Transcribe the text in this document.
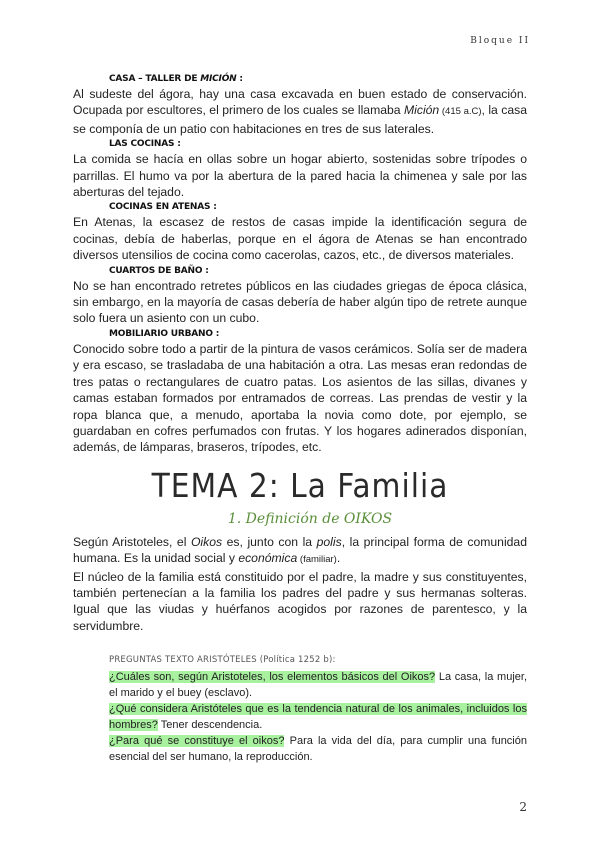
Bloque II
CASA – TALLER DE MICIÓN :

Al sudeste del ágora, hay una casa excavada en buen estado de conservación. Ocupada por escultores, el primero de los cuales se llamaba Mición (415 a.C), la casa se componía de un patio con habitaciones en tres de sus laterales.

LAS COCINAS :

La comida se hacía en ollas sobre un hogar abierto, sostenidas sobre trípodes o parrillas. El humo va por la abertura de la pared hacia la chimenea y sale por las aberturas del tejado.

COCINAS EN ATENAS :

En Atenas, la escasez de restos de casas impide la identificación segura de cocinas, debía de haberlas, porque en el ágora de Atenas se han encontrado diversos utensilios de cocina como cacerolas, cazos, etc., de diversos materiales.

CUARTOS DE BAÑO :

No se han encontrado retretes públicos en las ciudades griegas de época clásica, sin embargo, en la mayoría de casas debería de haber algún tipo de retrete aunque solo fuera un asiento con un cubo.

MOBILIARIO URBANO :

Conocido sobre todo a partir de la pintura de vasos cerámicos. Solía ser de madera y era escaso, se trasladaba de una habitación a otra. Las mesas eran redondas de tres patas o rectangulares de cuatro patas. Los asientos de las sillas, divanes y camas estaban formados por entramados de correas. Las prendas de vestir y la ropa blanca que, a menudo, aportaba la novia como dote, por ejemplo, se guardaban en cofres perfumados con frutas. Y los hogares adinerados disponían, además, de lámparas, braseros, trípodes, etc.

TEMA 2: La Familia
1. Definición de OIKOS

Según Aristoteles, el Oikos es, junto con la polis, la principal forma de comunidad humana. Es la unidad social y económica (familiar).

El núcleo de la familia está constituido por el padre, la madre y sus constituyentes, también pertenecían a la familia los padres del padre y sus hermanas solteras. Igual que las viudas y huérfanos acogidos por razones de parentesco, y la servidumbre.

PREGUNTAS TEXTO ARISTÓTELES (Política 1252 b):

¿Cuáles son, según Aristoteles, los elementos básicos del Oikos? La casa, la mujer, el marido y el buey (esclavo).

¿Qué considera Aristóteles que es la tendencia natural de los animales, incluidos los hombres? Tener descendencia.

¿Para qué se constituye el oikos? Para la vida del día, para cumplir una función esencial del ser humano, la reproducción.

2
